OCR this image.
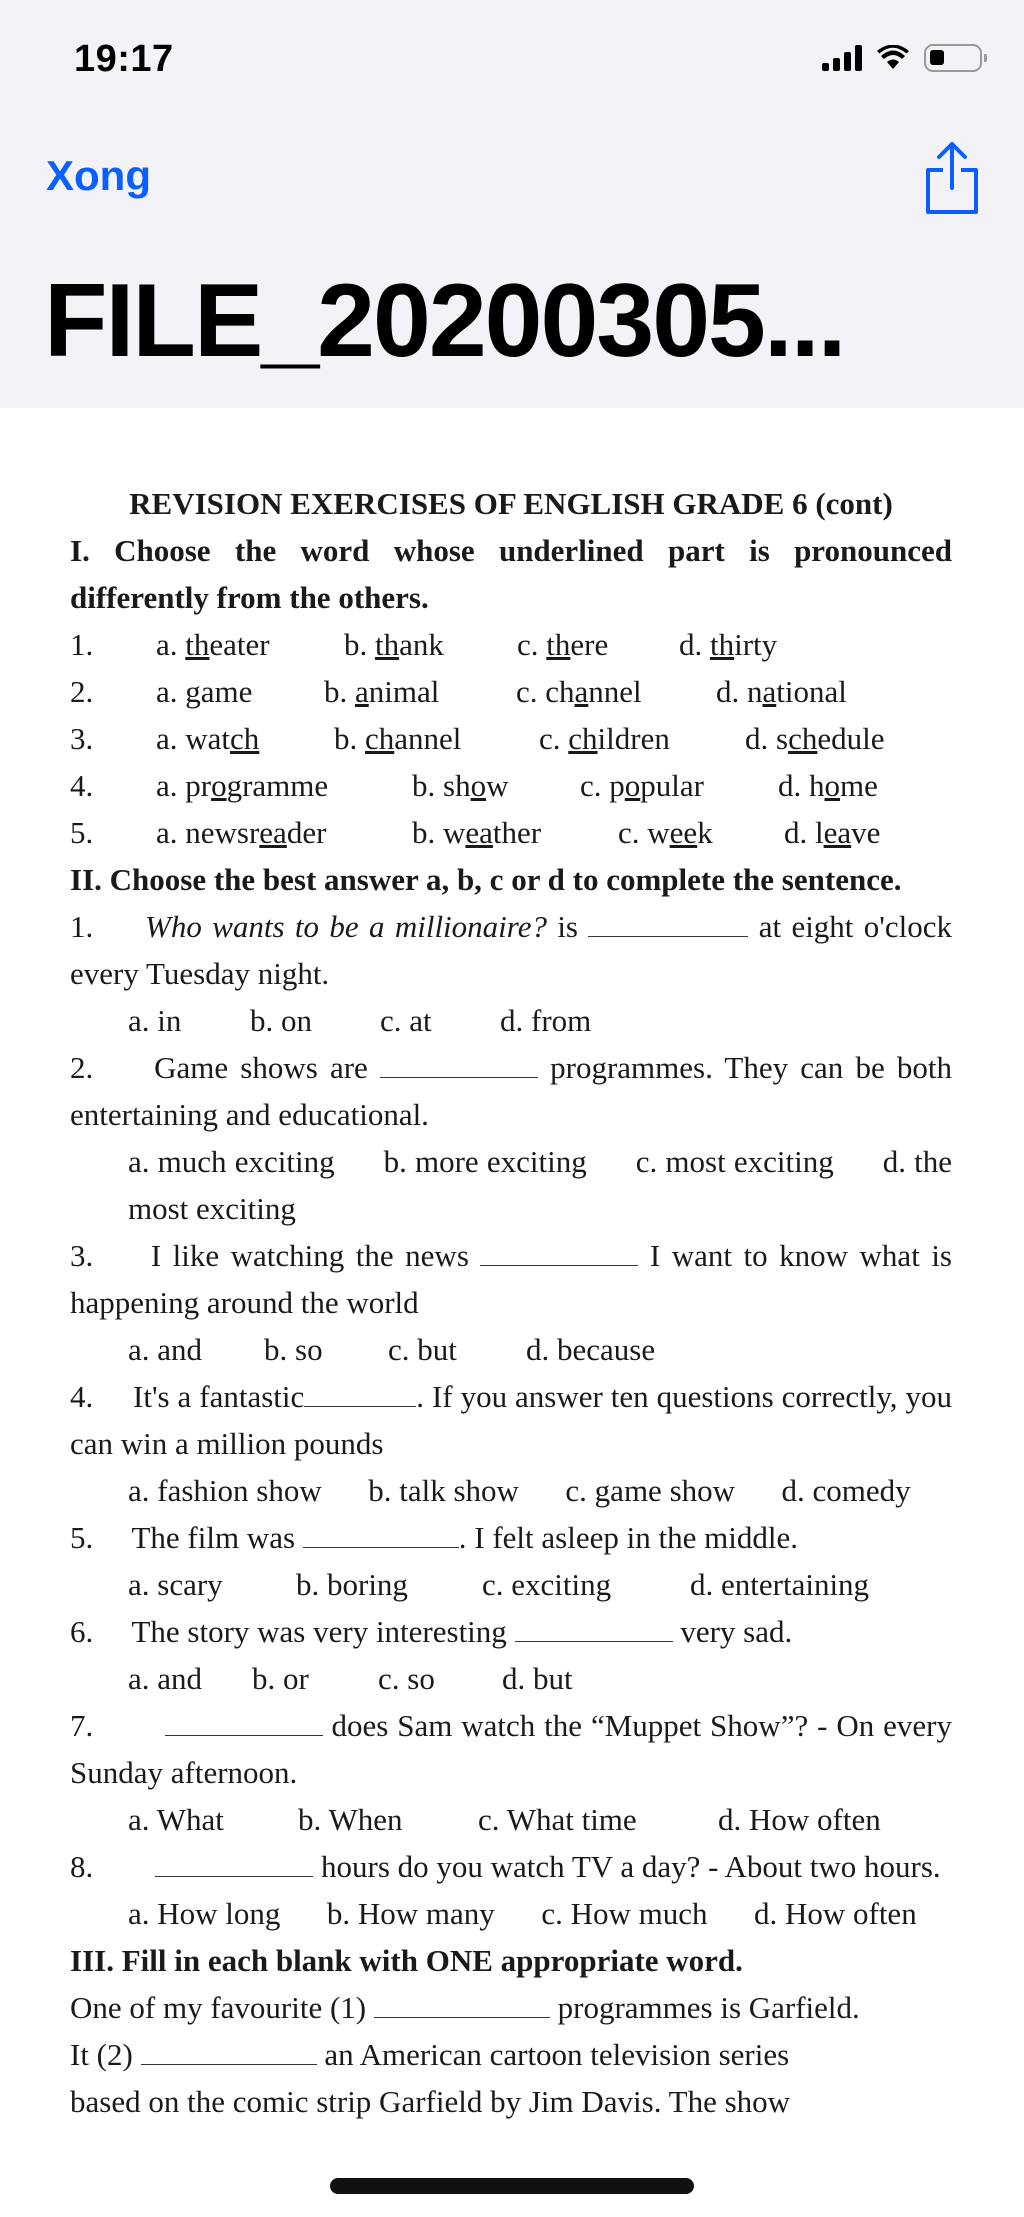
19:17
Xong
FILE_20200305...

REVISION EXERCISES OF ENGLISH GRADE 6 (cont)

I. Choose the word whose underlined part is pronounced differently from the others.

1.	a. theater	b. thank	c. there	d. thirty
2.	a. game	b. animal	c. channel	d. national
3.	a. watch	b. channel	c. children	d. schedule
4.	a. programme	b. show	c. popular	d. home
5.	a. newsreader	b. weather	c. week	d. leave

II. Choose the best answer a, b, c or d to complete the sentence.

1. Who wants to be a millionaire? is	at eight o'clock every Tuesday night.

a. in b. on c. at d. from

2. Game shows are	programmes. They can be both entertaining and educational.

a. much exciting b. more exciting c. most exciting d. the most exciting

3. I like watching the news	I want to know what is happening around the world

a. and b. so c. but d. because

4. It's a fantastic	. If you answer ten questions correctly, you can win a million pounds

a. fashion show b. talk show c. game show d. comedy

5. The film was	. I felt asleep in the middle.

a. scary b. boring c. exciting	d. entertaining

6. The story was very interesting	very sad.

a. and b. or c. so d. but

7.	does Sam watch the “Muppet Show”? - On every Sunday afternoon.

a. What b. When c. What time	d. How often

8.	hours do you watch TV a day? - About two hours.

a. How long b. How many c. How much d. How often

III. Fill in each blank with ONE appropriate word.

One of my favourite (1)	programmes is Garfield.

It (2)	an American cartoon television series

based on the comic strip Garfield by Jim Davis. The show
